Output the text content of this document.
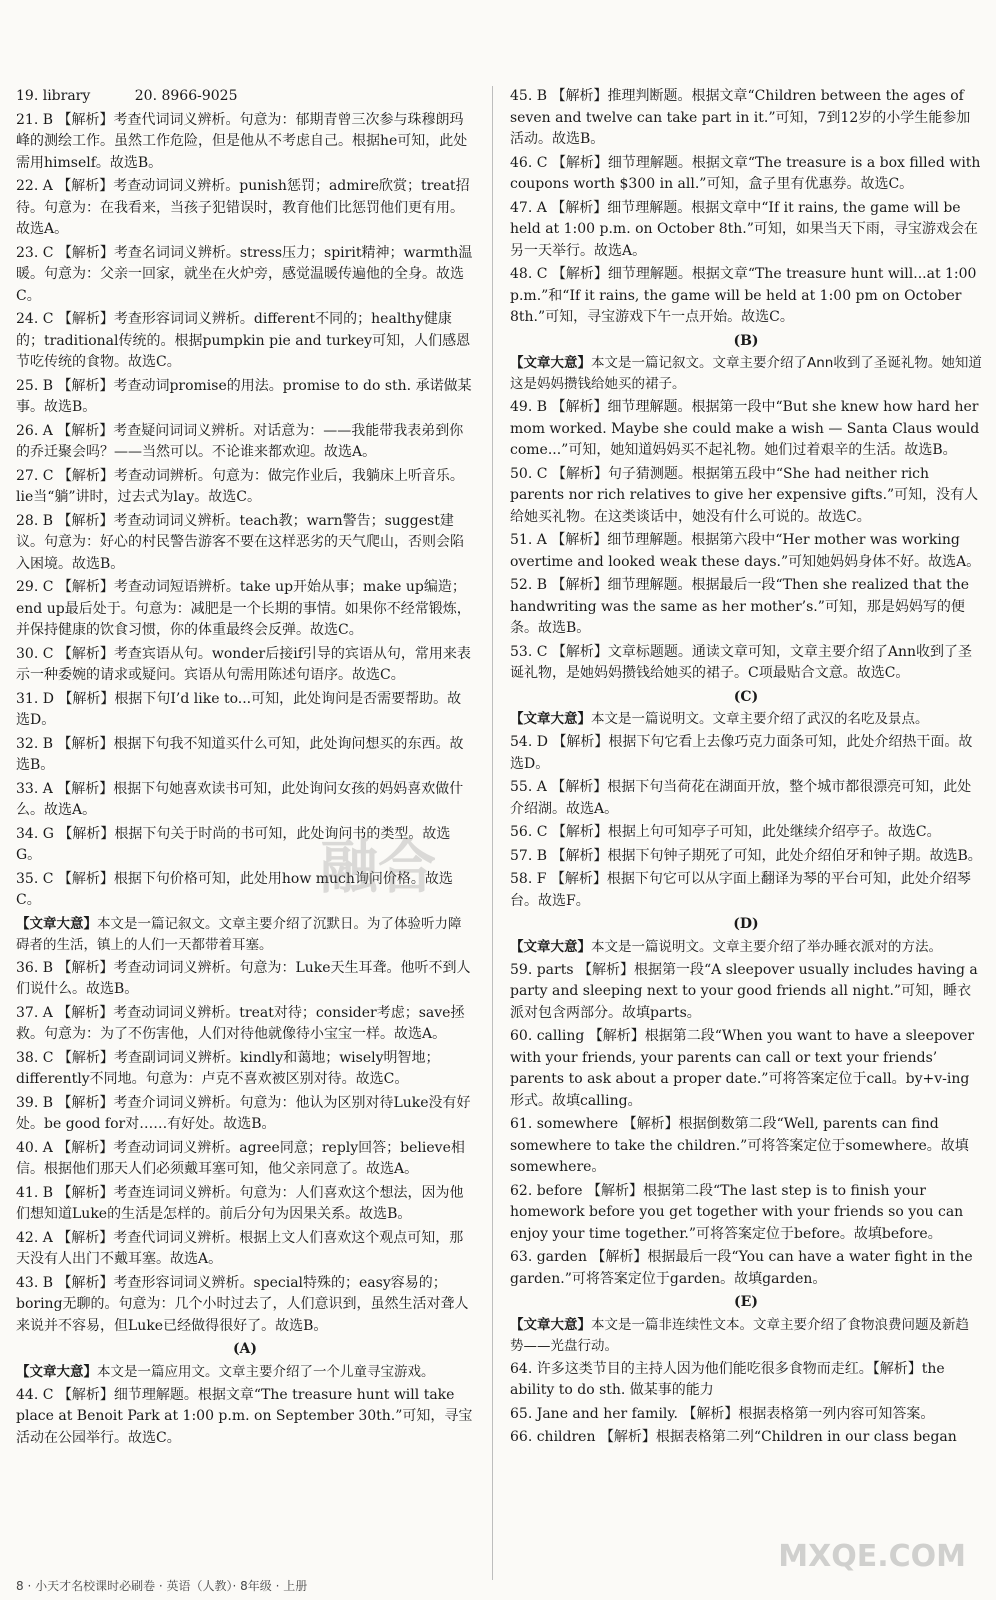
19. library          20. 8966-9025
21. B 【解析】考查代词词义辨析。句意为：郁期青曾三次参与珠穆朗玛峰的测绘工作。虽然工作危险，但是他从不考虑自己。根据he可知，此处需用himself。故选B。
22. A 【解析】考查动词词义辨析。punish惩罚；admire欣赏；treat招待。句意为：在我看来，当孩子犯错误时，教育他们比惩罚他们更有用。故选A。
23. C 【解析】考查名词词义辨析。stress压力；spirit精神；warmth温暖。句意为：父亲一回家，就坐在火炉旁，感觉温暖传遍他的全身。故选C。
24. C 【解析】考查形容词词义辨析。different不同的；healthy健康的；traditional传统的。根据pumpkin pie and turkey可知，人们感恩节吃传统的食物。故选C。
25. B 【解析】考查动词promise的用法。promise to do sth. 承诺做某事。故选B。
26. A 【解析】考查疑问词词义辨析。对话意为：——我能带我表弟到你的乔迁聚会吗？——当然可以。不论谁来都欢迎。故选A。
27. C 【解析】考查动词辨析。句意为：做完作业后，我躺床上听音乐。lie当“躺”讲时，过去式为lay。故选C。
28. B 【解析】考查动词词义辨析。teach教；warn警告；suggest建议。句意为：好心的村民警告游客不要在这样恶劣的天气爬山，否则会陷入困境。故选B。
29. C 【解析】考查动词短语辨析。take up开始从事；make up编造；end up最后处于。句意为：减肥是一个长期的事情。如果你不经常锻炼，并保持健康的饮食习惯，你的体重最终会反弹。故选C。
30. C 【解析】考查宾语从句。wonder后接if引导的宾语从句，常用来表示一种委婉的请求或疑问。宾语从句需用陈述句语序。故选C。
31. D 【解析】根据下句I’d like to...可知，此处询问是否需要帮助。故选D。
32. B 【解析】根据下句我不知道买什么可知，此处询问想买的东西。故选B。
33. A 【解析】根据下句她喜欢读书可知，此处询问女孩的妈妈喜欢做什么。故选A。
34. G 【解析】根据下句关于时尚的书可知，此处询问书的类型。故选G。
35. C 【解析】根据下句价格可知，此处用how much询问价格。故选C。
【文章大意】本文是一篇记叙文。文章主要介绍了沉默日。为了体验听力障碍者的生活，镇上的人们一天都带着耳塞。
36. B 【解析】考查动词词义辨析。句意为：Luke天生耳聋。他听不到人们说什么。故选B。
37. A 【解析】考查动词词义辨析。treat对待；consider考虑；save拯救。句意为：为了不伤害他，人们对待他就像待小宝宝一样。故选A。
38. C 【解析】考查副词词义辨析。kindly和蔼地；wisely明智地；differently不同地。句意为：卢克不喜欢被区别对待。故选C。
39. B 【解析】考查介词词义辨析。句意为：他认为区别对待Luke没有好处。be good for对……有好处。故选B。
40. A 【解析】考查动词词义辨析。agree同意；reply回答；believe相信。根据他们那天人们必须戴耳塞可知，他父亲同意了。故选A。
41. B 【解析】考查连词词义辨析。句意为：人们喜欢这个想法，因为他们想知道Luke的生活是怎样的。前后分句为因果关系。故选B。
42. A 【解析】考查代词词义辨析。根据上文人们喜欢这个观点可知，那天没有人出门不戴耳塞。故选A。
43. B 【解析】考查形容词词义辨析。special特殊的；easy容易的；boring无聊的。句意为：几个小时过去了，人们意识到，虽然生活对聋人来说并不容易，但Luke已经做得很好了。故选B。
(A)
【文章大意】本文是一篇应用文。文章主要介绍了一个儿童寻宝游戏。
44. C 【解析】细节理解题。根据文章“The treasure hunt will take place at Benoit Park at 1:00 p.m. on September 30th.”可知，寻宝活动在公园举行。故选C。
45. B 【解析】推理判断题。根据文章“Children between the ages of seven and twelve can take part in it.”可知，7到12岁的小学生能参加活动。故选B。
46. C 【解析】细节理解题。根据文章“The treasure is a box filled with coupons worth $300 in all.”可知，盒子里有优惠券。故选C。
47. A 【解析】细节理解题。根据文章中“If it rains, the game will be held at 1:00 p.m. on October 8th.”可知，如果当天下雨，寻宝游戏会在另一天举行。故选A。
48. C 【解析】细节理解题。根据文章“The treasure hunt will...at 1:00 p.m.”和“If it rains, the game will be held at 1:00 pm on October 8th.”可知，寻宝游戏下午一点开始。故选C。
(B)
【文章大意】本文是一篇记叙文。文章主要介绍了Ann收到了圣诞礼物。她知道这是妈妈攒钱给她买的裙子。
49. B 【解析】细节理解题。根据第一段中“But she knew how hard her mom worked. Maybe she could make a wish — Santa Claus would come...”可知，她知道妈妈买不起礼物。她们过着艰辛的生活。故选B。
50. C 【解析】句子猜测题。根据第五段中“She had neither rich parents nor rich relatives to give her expensive gifts.”可知，没有人给她买礼物。在这类谈话中，她没有什么可说的。故选C。
51. A 【解析】细节理解题。根据第六段中“Her mother was working overtime and looked weak these days.”可知她妈妈身体不好。故选A。
52. B 【解析】细节理解题。根据最后一段“Then she realized that the handwriting was the same as her mother’s.”可知，那是妈妈写的便条。故选B。
53. C 【解析】文章标题题。通读文章可知，文章主要介绍了Ann收到了圣诞礼物，是她妈妈攒钱给她买的裙子。C项最贴合文意。故选C。
(C)
【文章大意】本文是一篇说明文。文章主要介绍了武汉的名吃及景点。
54. D 【解析】根据下句它看上去像巧克力面条可知，此处介绍热干面。故选D。
55. A 【解析】根据下句当荷花在湖面开放，整个城市都很漂亮可知，此处介绍湖。故选A。
56. C 【解析】根据上句可知亭子可知，此处继续介绍亭子。故选C。
57. B 【解析】根据下句钟子期死了可知，此处介绍伯牙和钟子期。故选B。
58. F 【解析】根据下句它可以从字面上翻译为琴的平台可知，此处介绍琴台。故选F。
(D)
【文章大意】本文是一篇说明文。文章主要介绍了举办睡衣派对的方法。
59. parts 【解析】根据第一段“A sleepover usually includes having a party and sleeping next to your good friends all night.”可知，睡衣派对包含两部分。故填parts。
60. calling 【解析】根据第二段“When you want to have a sleepover with your friends, your parents can call or text your friends’ parents to ask about a proper date.”可将答案定位于call。by+v-ing形式。故填calling。
61. somewhere 【解析】根据倒数第二段“Well, parents can find somewhere to take the children.”可将答案定位于somewhere。故填somewhere。
62. before 【解析】根据第二段“The last step is to finish your homework before you get together with your friends so you can enjoy your time together.”可将答案定位于before。故填before。
63. garden 【解析】根据最后一段“You can have a water fight in the garden.”可将答案定位于garden。故填garden。
(E)
【文章大意】本文是一篇非连续性文本。文章主要介绍了食物浪费问题及新趋势——光盘行动。
64. 许多这类节目的主持人因为他们能吃很多食物而走红。【解析】the ability to do sth. 做某事的能力
65. Jane and her family. 【解析】根据表格第一列内容可知答案。
66. children 【解析】根据表格第二列“Children in our class began
融合
MXQE.COM
8 · 小天才名校课时必刷卷 · 英语（人教）· 8年级 · 上册
